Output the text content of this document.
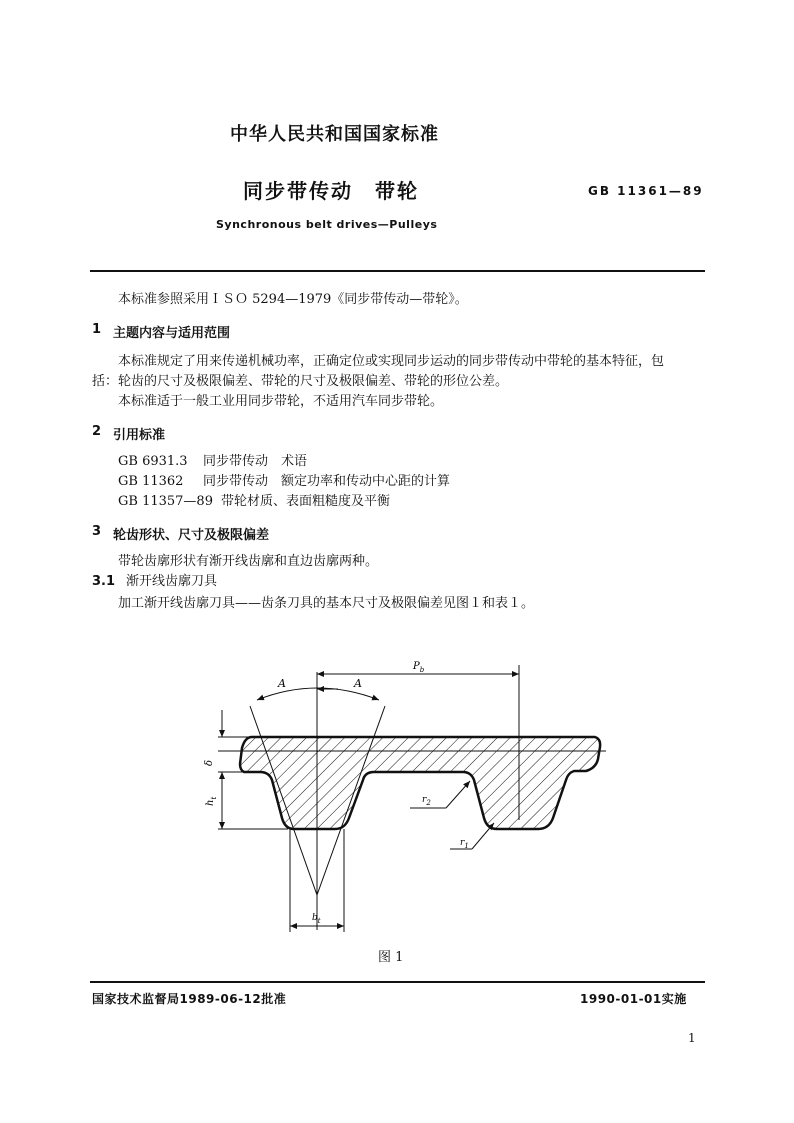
中华人民共和国国家标准
同步带传动　带轮	GB 11361—89
Synchronous belt drives—Pulleys
本标准参照采用ＩＳＯ 5294—1979《同步带传动—带轮》。
1 主题内容与适用范围
本标准规定了用来传递机械功率，正确定位或实现同步运动的同步带传动中带轮的基本特征，包
括：轮齿的尺寸及极限偏差、带轮的尺寸及极限偏差、带轮的形位公差。
本标准适于一般工业用同步带轮，不适用汽车同步带轮。
2 引用标准
GB 6931.3 同步带传动　术语
GB 11362 同步带传动　额定功率和传动中心距的计算
GB 11357—89 带轮材质、表面粗糙度及平衡
3 轮齿形状、尺寸及极限偏差
带轮齿廓形状有渐开线齿廓和直边齿廓两种。
3.1 渐开线齿廓刀具
加工渐开线齿廓刀具——齿条刀具的基本尺寸及极限偏差见图１和表１。
A	A
$P_b$
δ
$h_t$	$r_2$
$r_1$
$b_t$
图 1
国家技术监督局1989-06-12批准	1990-01-01实施
1
